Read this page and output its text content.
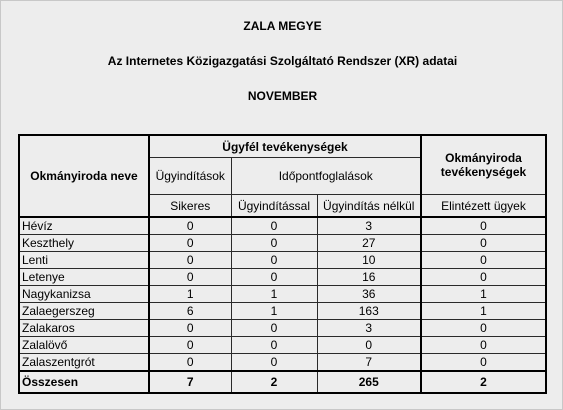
ZALA MEGYE

Az Internetes Közigazgatási Szolgáltató Rendszer (XR) adatai

NOVEMBER

Okmányiroda neve	Ügyfél tevékenységek			Okmányiroda tevékenységek
	Ügyindítások	Időpontfoglalások		
	Sikeres	Ügyindítással	Ügyindítás nélkül	Elintézett ügyek
Hévíz	0	0	3	0
Keszthely	0	0	27	0
Lenti	0	0	10	0
Letenye	0	0	16	0
Nagykanizsa	1	1	36	1
Zalaegerszeg	6	1	163	1
Zalakaros	0	0	3	0
Zalalövő	0	0	0	0
Zalaszentgrót	0	0	7	0
Összesen	7	2	265	2
